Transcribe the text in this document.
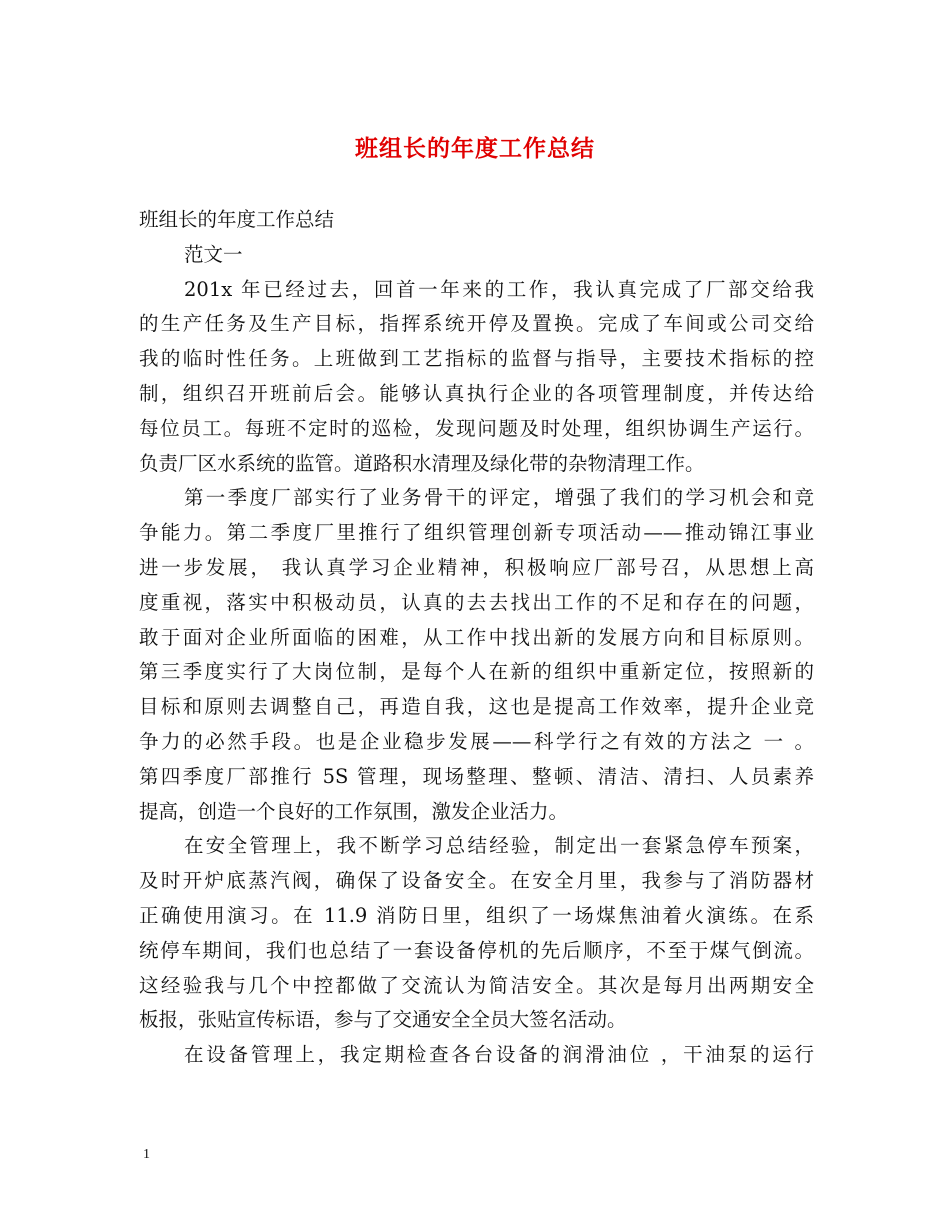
班组长的年度工作总结
班组长的年度工作总结
范文一
201x 年已经过去，回首一年来的工作，我认真完成了厂部交给我
的生产任务及生产目标，指挥系统开停及置换。完成了车间或公司交给
我的临时性任务。上班做到工艺指标的监督与指导，主要技术指标的控
制，组织召开班前后会。能够认真执行企业的各项管理制度，并传达给
每位员工。每班不定时的巡检，发现问题及时处理，组织协调生产运行。
负责厂区水系统的监管。道路积水清理及绿化带的杂物清理工作。
第一季度厂部实行了业务骨干的评定，增强了我们的学习机会和竞
争能力。第二季度厂里推行了组织管理创新专项活动——推动锦江事业
进一步发展， 我认真学习企业精神，积极响应厂部号召，从思想上高
度重视，落实中积极动员，认真的去去找出工作的不足和存在的问题，
敢于面对企业所面临的困难，从工作中找出新的发展方向和目标原则。
第三季度实行了大岗位制，是每个人在新的组织中重新定位，按照新的
目标和原则去调整自己，再造自我，这也是提高工作效率，提升企业竞
争力的必然手段。也是企业稳步发展——科学行之有效的方法之 一 。
第四季度厂部推行 5S 管理，现场整理、整顿、清洁、清扫、人员素养
提高，创造一个良好的工作氛围，激发企业活力。
在安全管理上，我不断学习总结经验，制定出一套紧急停车预案，
及时开炉底蒸汽阀，确保了设备安全。在安全月里，我参与了消防器材
正确使用演习。在 11.9 消防日里，组织了一场煤焦油着火演练。在系
统停车期间，我们也总结了一套设备停机的先后顺序，不至于煤气倒流。
这经验我与几个中控都做了交流认为简洁安全。其次是每月出两期安全
板报，张贴宣传标语，参与了交通安全全员大签名活动。
在设备管理上，我定期检查各台设备的润滑油位 ，干油泵的运行
1
